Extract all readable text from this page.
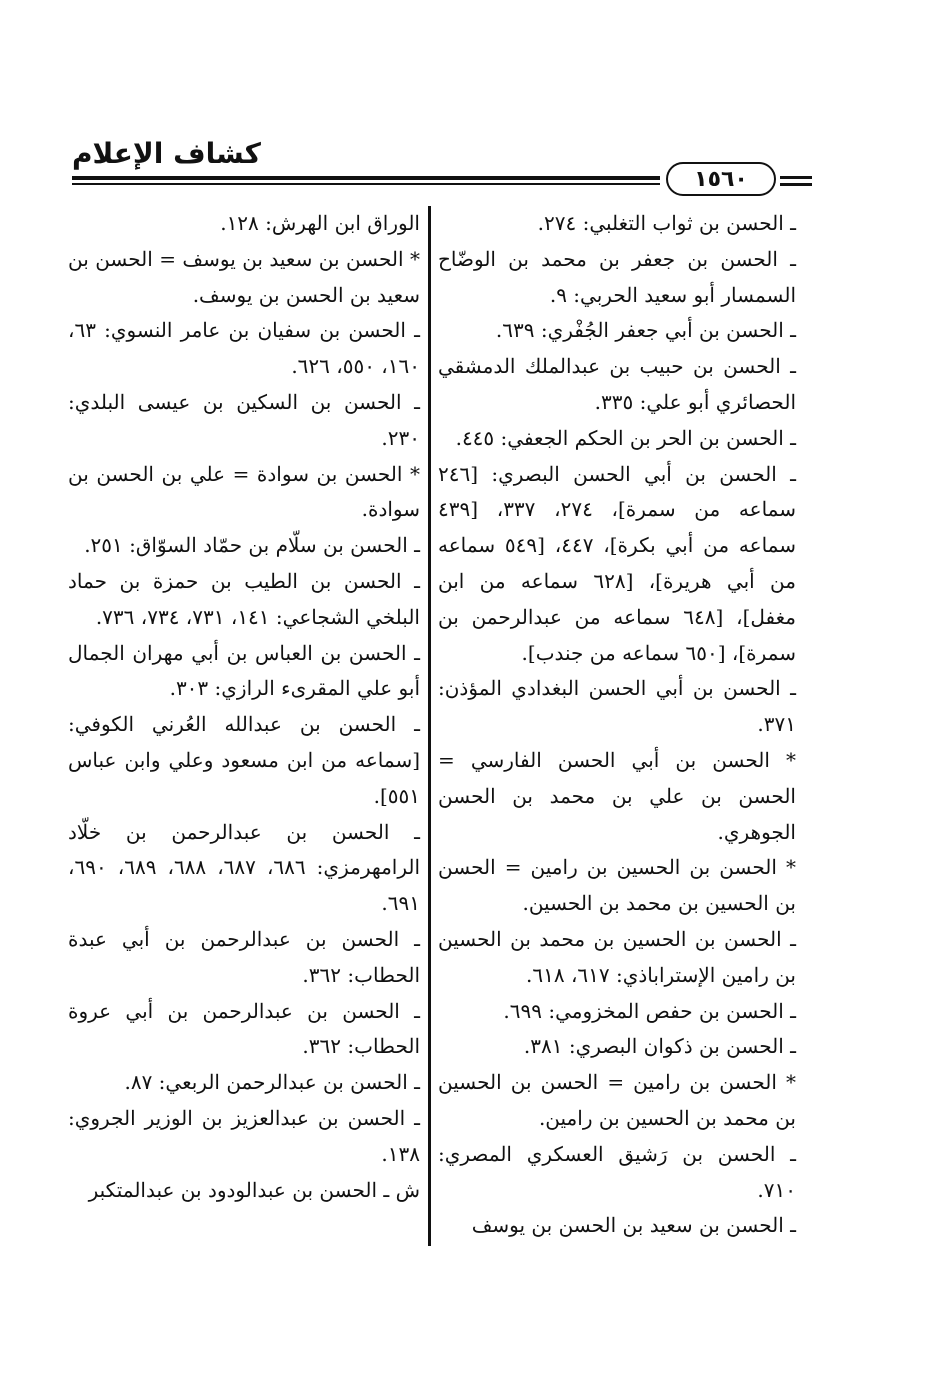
كشاف الإعلام
١٥٦٠

ـ الحسن بن ثواب التغلبي: ٢٧٤.

ـ الحسن بن جعفر بن محمد بن الوضّاح السمسار أبو سعيد الحربي: ٩.

ـ الحسن بن أبي جعفر الجُفْري: ٦٣٩.

ـ الحسن بن حبيب بن عبدالملك الدمشقي الحصائري أبو علي: ٣٣٥.

ـ الحسن بن الحر بن الحكم الجعفي: ٤٤٥.

ـ الحسن بن أبي الحسن البصري: [٢٤٦ سماعه من سمرة]، ٢٧٤، ٣٣٧، [٤٣٩ سماعه من أبي بكرة]، ٤٤٧، [٥٤٩ سماعه من أبي هريرة]، [٦٢٨ سماعه من ابن مغفل]، [٦٤٨ سماعه من عبدالرحمن بن سمرة]، [٦٥٠ سماعه من جندب].

ـ الحسن بن أبي الحسن البغدادي المؤذن: ٣٧١.

* الحسن بن أبي الحسن الفارسي = الحسن بن علي بن محمد بن الحسن الجوهري.

* الحسن بن الحسين بن رامين = الحسن بن الحسين بن محمد بن الحسين.

ـ الحسن بن الحسين بن محمد بن الحسين بن رامين الإستراباذي: ٦١٧، ٦١٨.

ـ الحسن بن حفص المخزومي: ٦٩٩.

ـ الحسن بن ذكوان البصري: ٣٨١.

* الحسن بن رامين = الحسن بن الحسين بن محمد بن الحسين بن رامين.

ـ الحسن بن رَشيق العسكري المصري: ٧١٠.

ـ الحسن بن سعيد بن الحسن بن يوسف

الوراق ابن الهرش: ١٢٨.

* الحسن بن سعيد بن يوسف = الحسن بن سعيد بن الحسن بن يوسف.

ـ الحسن بن سفيان بن عامر النسوي: ٦٣، ١٦٠، ٥٥٠، ٦٢٦.

ـ الحسن بن السكين بن عيسى البلدي: ٢٣٠.

* الحسن بن سوادة = علي بن الحسن بن سوادة.

ـ الحسن بن سلّام بن حمّاد السوّاق: ٢٥١.

ـ الحسن بن الطيب بن حمزة بن حماد البلخي الشجاعي: ١٤١، ٧٣١، ٧٣٤، ٧٣٦.

ـ الحسن بن العباس بن أبي مهران الجمال أبو علي المقرىء الرازي: ٣٠٣.

ـ الحسن بن عبدالله العُرني الكوفي: [سماعه من ابن مسعود وعلي وابن عباس ٥٥١].

ـ الحسن بن عبدالرحمن بن خلّاد الرامهرمزي: ٦٨٦، ٦٨٧، ٦٨٨، ٦٨٩، ٦٩٠، ٦٩١.

ـ الحسن بن عبدالرحمن بن أبي عبدة الحطاب: ٣٦٢.

ـ الحسن بن عبدالرحمن بن أبي عروة الحطاب: ٣٦٢.

ـ الحسن بن عبدالرحمن الربعي: ٨٧.

ـ الحسن بن عبدالعزيز بن الوزير الجروي: ١٣٨.

ش ـ الحسن بن عبدالودود بن عبدالمتكبر
